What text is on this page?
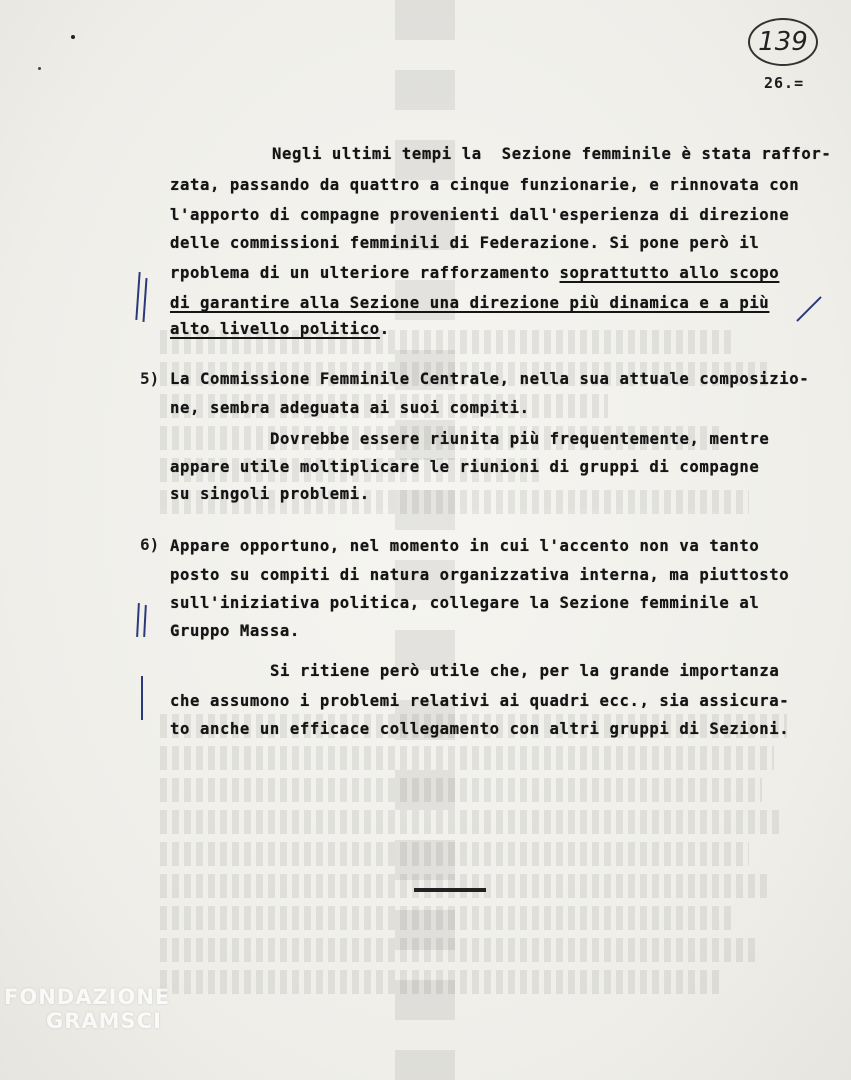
139
26.=
Negli ultimi tempi la  Sezione femminile è stata raffor-
zata, passando da quattro a cinque funzionarie, e rinnovata con
l'apporto di compagne provenienti dall'esperienza di direzione
delle commissioni femminili di Federazione. Si pone però il
rpoblema di un ulteriore rafforzamento soprattutto allo scopo
di garantire alla Sezione una direzione più dinamica e a più
alto livello politico.
5) La Commissione Femminile Centrale, nella sua attuale composizio-
ne, sembra adeguata ai suoi compiti.
Dovrebbe essere riunita più frequentemente, mentre
appare utile moltiplicare le riunioni di gruppi di compagne
su singoli problemi.
6) Appare opportuno, nel momento in cui l'accento non va tanto
posto su compiti di natura organizzativa interna, ma piuttosto
sull'iniziativa politica, collegare la Sezione femminile al
Gruppo Massa.
Si ritiene però utile che, per la grande importanza
che assumono i problemi relativi ai quadri ecc., sia assicura-
to anche un efficace collegamento con altri gruppi di Sezioni.
FONDAZIONE
GRAMSCI
